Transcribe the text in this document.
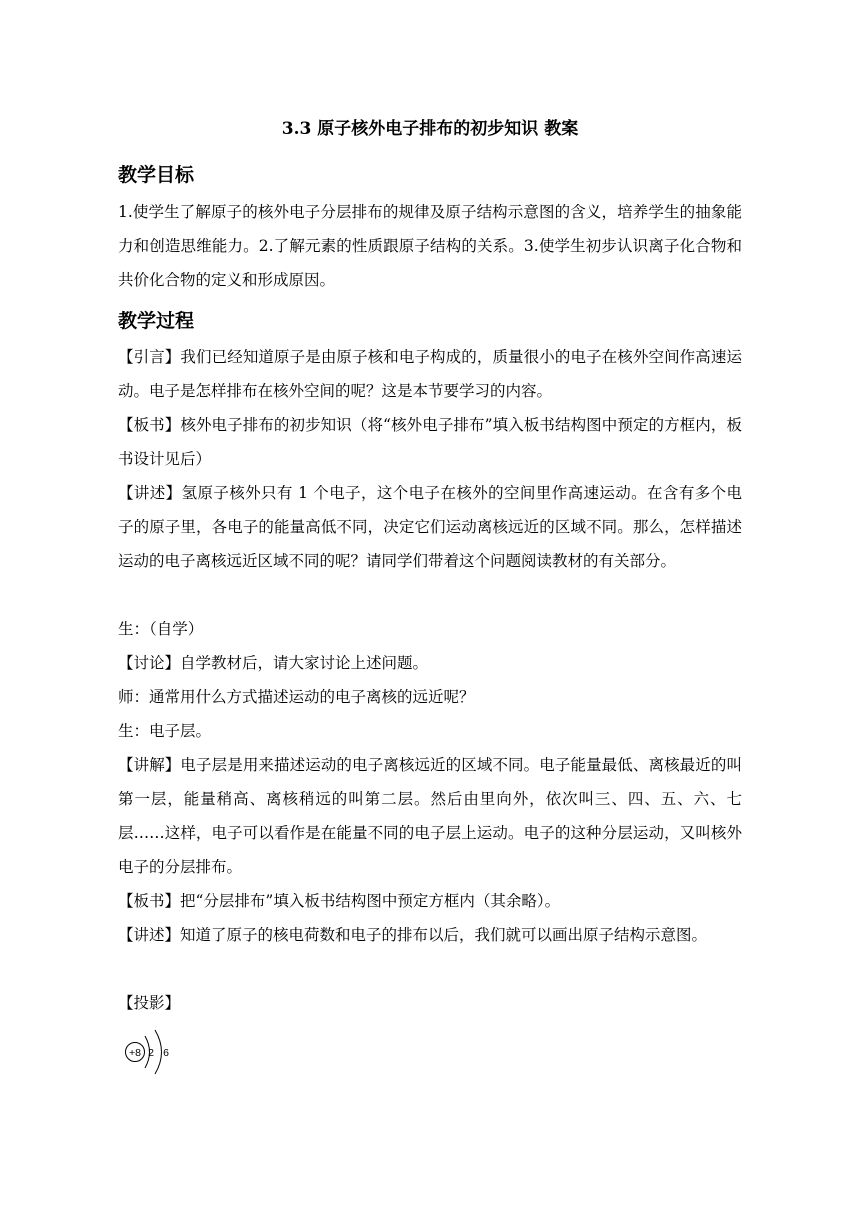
3.3 原子核外电子排布的初步知识 教案
教学目标
1.使学生了解原子的核外电子分层排布的规律及原子结构示意图的含义，培养学生的抽象能力和创造思维能力。2.了解元素的性质跟原子结构的关系。3.使学生初步认识离子化合物和共价化合物的定义和形成原因。
教学过程
【引言】我们已经知道原子是由原子核和电子构成的，质量很小的电子在核外空间作高速运动。电子是怎样排布在核外空间的呢？这是本节要学习的内容。
【板书】核外电子排布的初步知识（将“核外电子排布”填入板书结构图中预定的方框内，板书设计见后）
【讲述】氢原子核外只有 1 个电子，这个电子在核外的空间里作高速运动。在含有多个电子的原子里，各电子的能量高低不同，决定它们运动离核远近的区域不同。那么，怎样描述运动的电子离核远近区域不同的呢？请同学们带着这个问题阅读教材的有关部分。
生：（自学）
【讨论】自学教材后，请大家讨论上述问题。
师：通常用什么方式描述运动的电子离核的远近呢？
生：电子层。
【讲解】电子层是用来描述运动的电子离核远近的区域不同。电子能量最低、离核最近的叫第一层，能量稍高、离核稍远的叫第二层。然后由里向外，依次叫三、四、五、六、七层……这样，电子可以看作是在能量不同的电子层上运动。电子的这种分层运动，又叫核外电子的分层排布。
【板书】把“分层排布”填入板书结构图中预定方框内（其余略）。
【讲述】知道了原子的核电荷数和电子的排布以后，我们就可以画出原子结构示意图。
【投影】
+8 2 6
